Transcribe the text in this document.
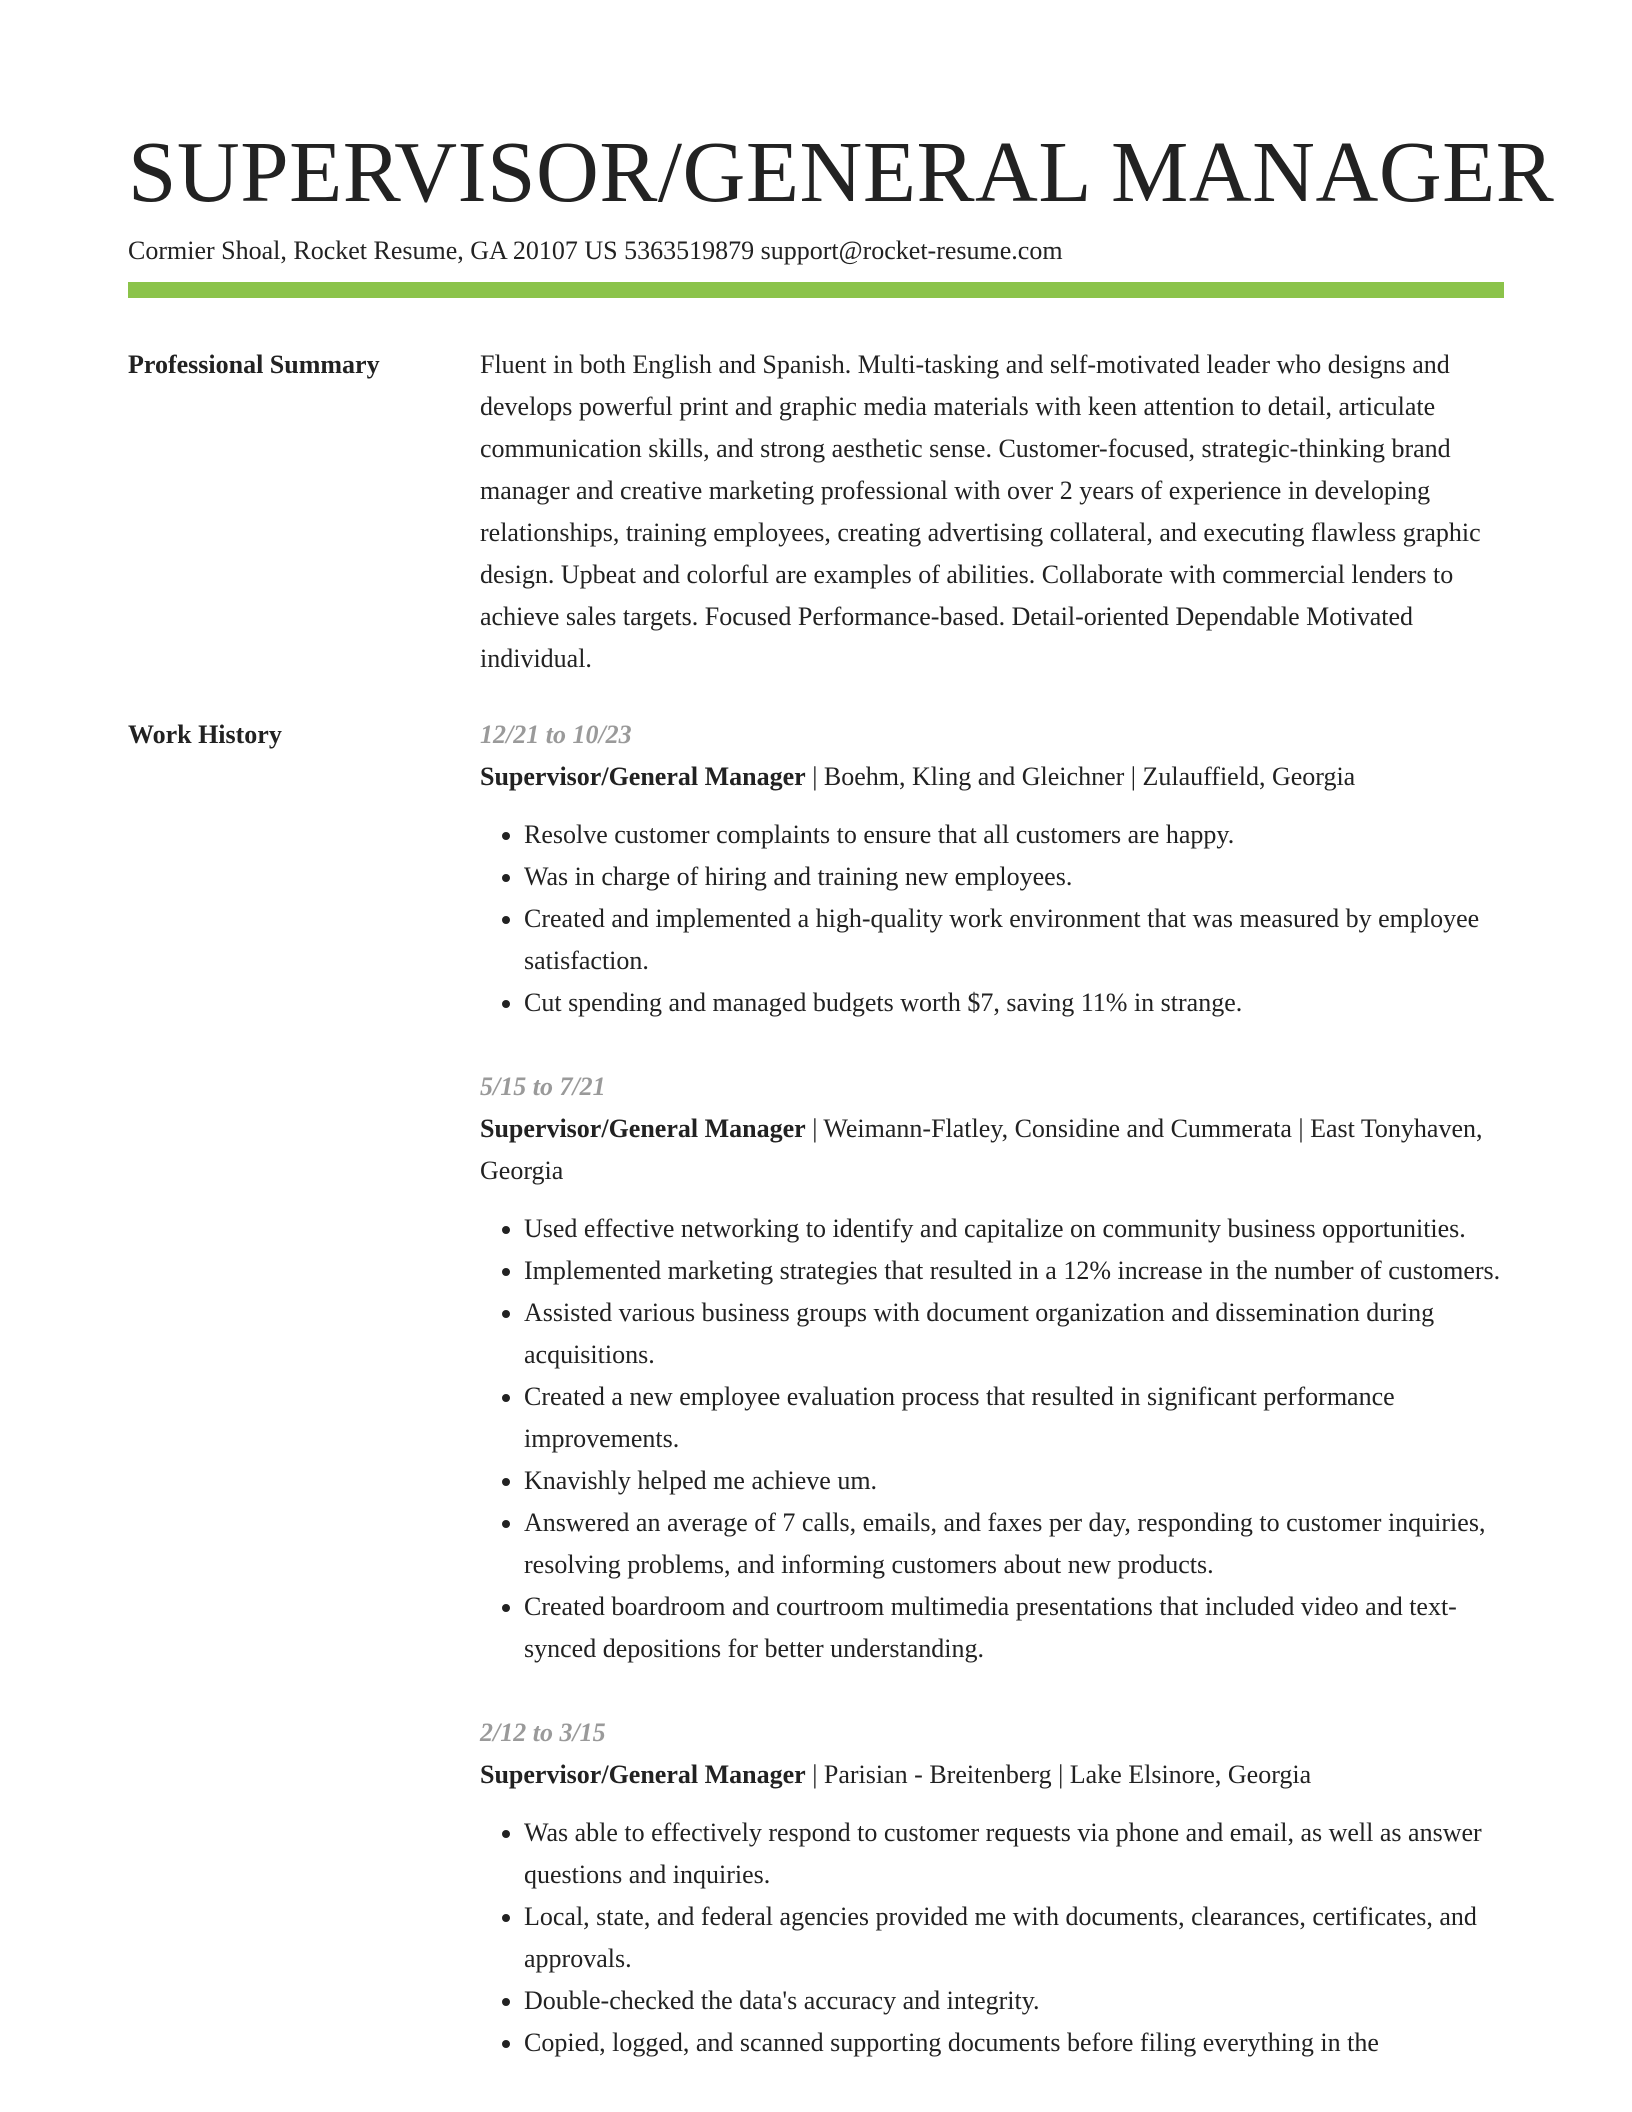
SUPERVISOR/GENERAL MANAGER
Cormier Shoal, Rocket Resume, GA 20107 US 5363519879 support@rocket-resume.com
Professional Summary	Fluent in both English and Spanish. Multi-tasking and self-motivated leader who designs and develops powerful print and graphic media materials with keen attention to detail, articulate communication skills, and strong aesthetic sense. Customer-focused, strategic-thinking brand manager and creative marketing professional with over 2 years of experience in developing relationships, training employees, creating advertising collateral, and executing flawless graphic design. Upbeat and colorful are examples of abilities. Collaborate with commercial lenders to achieve sales targets. Focused Performance-based. Detail-oriented Dependable Motivated individual.

Work History	12/21 to 10/23
Supervisor/General Manager | Boehm, Kling and Gleichner | Zulauffield, Georgia
• Resolve customer complaints to ensure that all customers are happy.
• Was in charge of hiring and training new employees.
• Created and implemented a high-quality work environment that was measured by employee satisfaction.
• Cut spending and managed budgets worth $7, saving 11% in strange.
5/15 to 7/21
Supervisor/General Manager | Weimann-Flatley, Considine and Cummerata | East Tonyhaven, Georgia
• Used effective networking to identify and capitalize on community business opportunities.
• Implemented marketing strategies that resulted in a 12% increase in the number of customers.
• Assisted various business groups with document organization and dissemination during acquisitions.
• Created a new employee evaluation process that resulted in significant performance improvements.
• Knavishly helped me achieve um.
• Answered an average of 7 calls, emails, and faxes per day, responding to customer inquiries, resolving problems, and informing customers about new products.
• Created boardroom and courtroom multimedia presentations that included video and text-synced depositions for better understanding.
2/12 to 3/15
Supervisor/General Manager | Parisian - Breitenberg | Lake Elsinore, Georgia
• Was able to effectively respond to customer requests via phone and email, as well as answer questions and inquiries.
• Local, state, and federal agencies provided me with documents, clearances, certificates, and approvals.
• Double-checked the data's accuracy and integrity.
• Copied, logged, and scanned supporting documents before filing everything in the
